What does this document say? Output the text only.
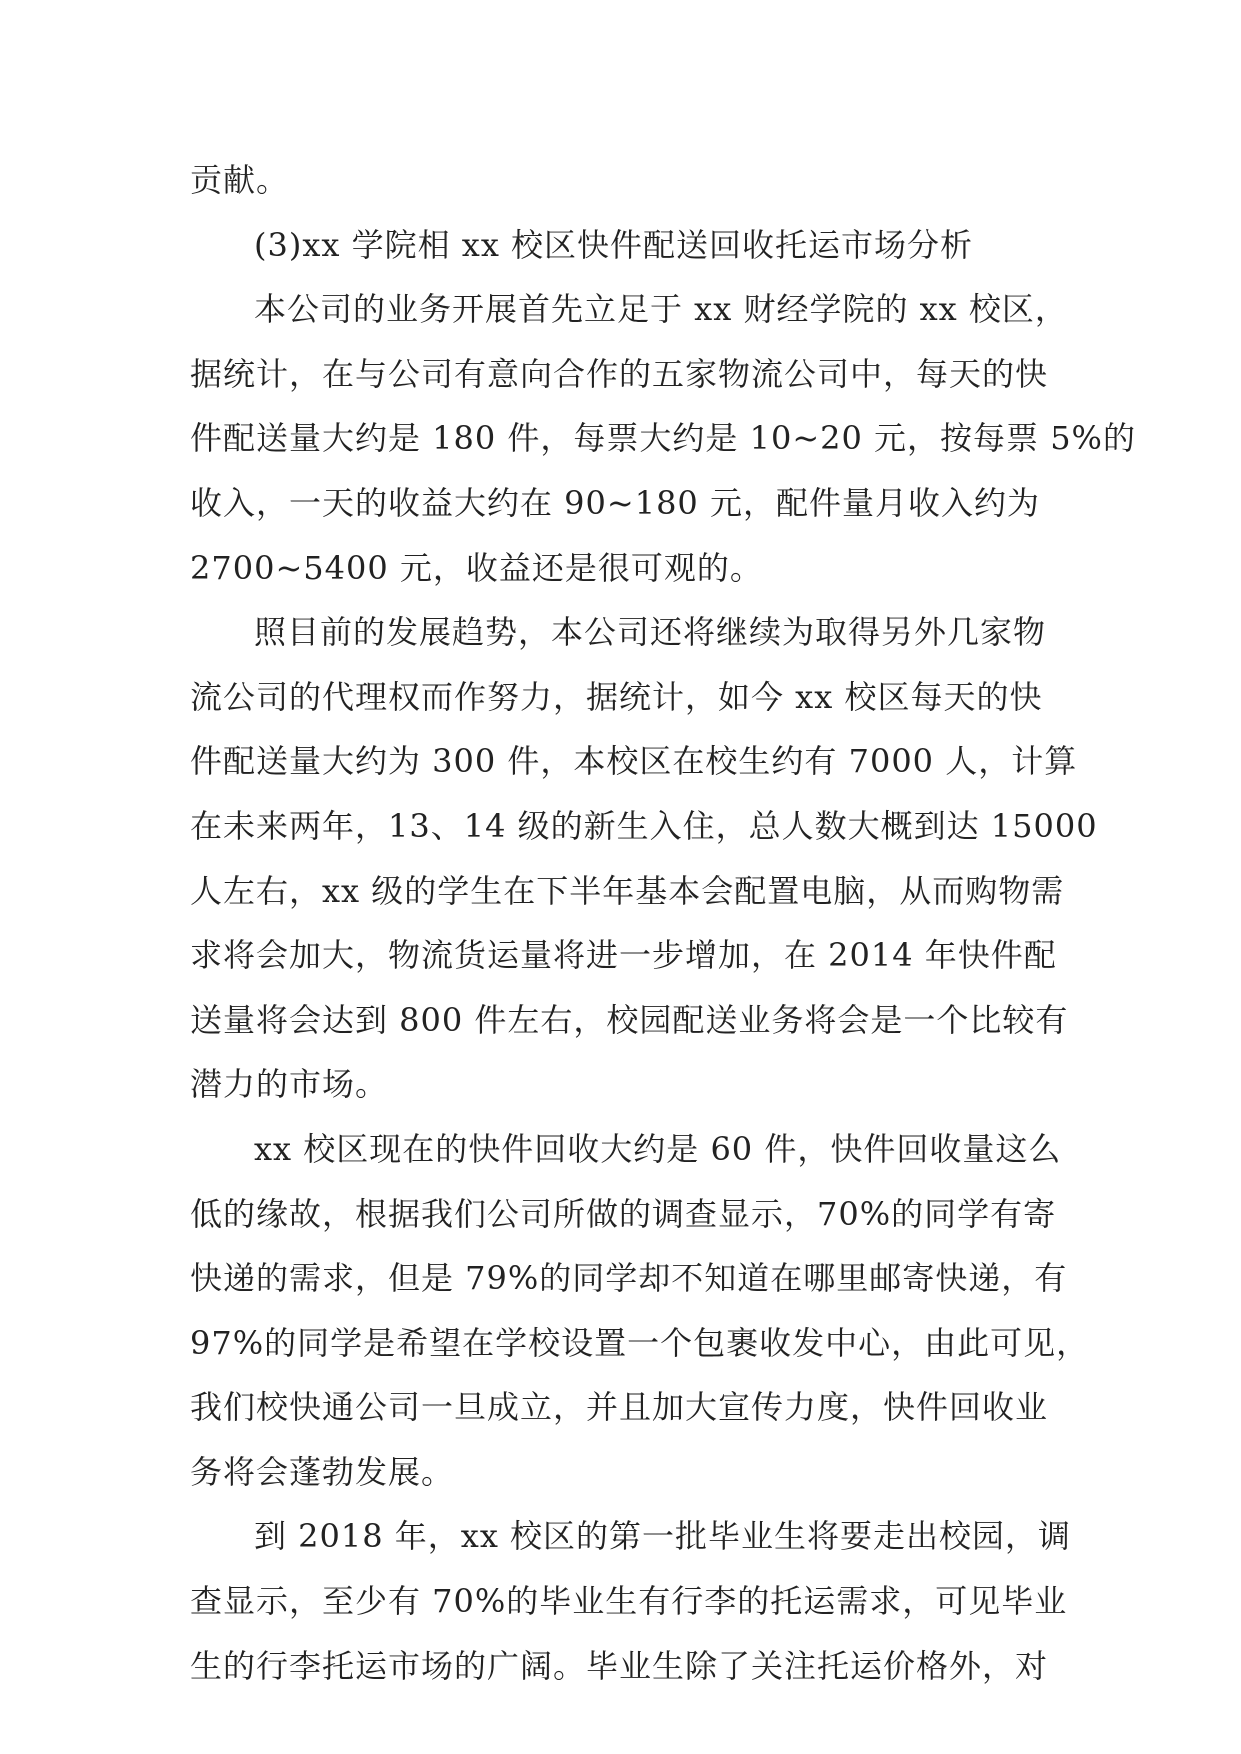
贡献。
(3)xx 学院相 xx 校区快件配送回收托运市场分析
本公司的业务开展首先立足于 xx 财经学院的 xx 校区，
据统计，在与公司有意向合作的五家物流公司中，每天的快
件配送量大约是 180 件，每票大约是 10~20 元，按每票 5%的
收入，一天的收益大约在 90~180 元，配件量月收入约为
2700~5400 元，收益还是很可观的。
照目前的发展趋势，本公司还将继续为取得另外几家物
流公司的代理权而作努力，据统计，如今 xx 校区每天的快
件配送量大约为 300 件，本校区在校生约有 7000 人，计算
在未来两年，13、14 级的新生入住，总人数大概到达 15000
人左右，xx 级的学生在下半年基本会配置电脑，从而购物需
求将会加大，物流货运量将进一步增加，在 2014 年快件配
送量将会达到 800 件左右，校园配送业务将会是一个比较有
潜力的市场。
xx 校区现在的快件回收大约是 60 件，快件回收量这么
低的缘故，根据我们公司所做的调查显示，70%的同学有寄
快递的需求，但是 79%的同学却不知道在哪里邮寄快递，有
97%的同学是希望在学校设置一个包裹收发中心，由此可见，
我们校快通公司一旦成立，并且加大宣传力度，快件回收业
务将会蓬勃发展。
到 2018 年，xx 校区的第一批毕业生将要走出校园，调
查显示，至少有 70%的毕业生有行李的托运需求，可见毕业
生的行李托运市场的广阔。毕业生除了关注托运价格外，对
